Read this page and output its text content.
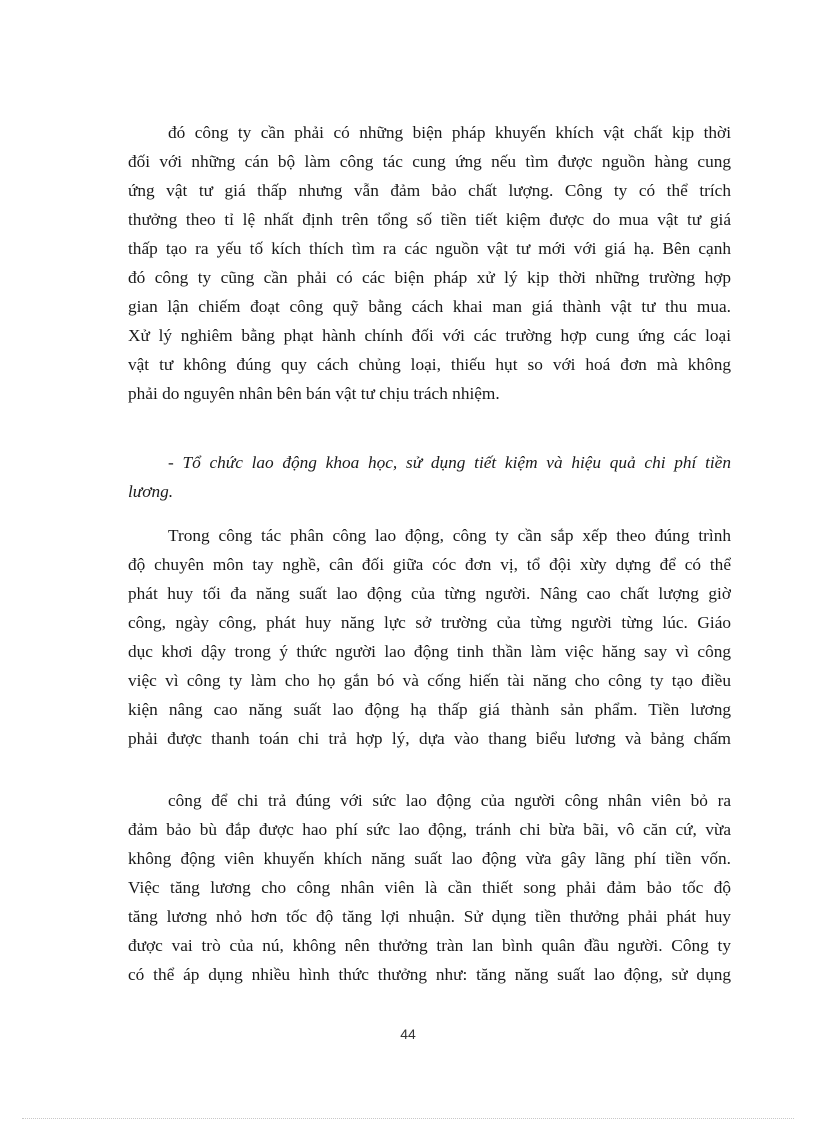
đó công ty cần phải có những biện pháp khuyến khích vật chất kịp thời
đối với những cán bộ làm công tác cung ứng nếu tìm được nguồn hàng cung
ứng vật tư giá thấp nhưng vẫn đảm bảo chất lượng. Công ty có thể trích
thưởng theo tỉ lệ nhất định trên tổng số tiền tiết kiệm được do mua vật tư giá
thấp tạo ra yếu tố kích thích tìm ra các nguồn vật tư mới với giá hạ. Bên cạnh
đó công ty cũng cần phải có các biện pháp xử lý kịp thời những trường hợp
gian lận chiếm đoạt công quỹ bằng cách khai man giá thành vật tư thu mua.
Xử lý nghiêm bằng phạt hành chính đối với các trường hợp cung ứng các loại
vật tư không đúng quy cách chủng loại, thiếu hụt so với hoá đơn mà không
phải do nguyên nhân bên bán vật tư chịu trách nhiệm.
- Tổ chức lao động khoa học, sử dụng tiết kiệm và hiệu quả chi phí tiền
lương.
Trong công tác phân công lao động, công ty cần sắp xếp theo đúng trình
độ chuyên môn tay nghề, cân đối giữa cóc đơn vị, tổ đội xừy dựng để có thể
phát huy tối đa năng suất lao động của từng người. Nâng cao chất lượng giờ
công, ngày công, phát huy năng lực sở trường của từng người từng lúc. Giáo
dục khơi dậy trong ý thức người lao động tinh thần làm việc hăng say vì công
việc vì công ty làm cho họ gắn bó và cống hiến tài năng cho công ty tạo điều
kiện nâng cao năng suất lao động hạ thấp giá thành sản phẩm. Tiền lương
phải được thanh toán chi trả hợp lý, dựa vào thang biểu lương và bảng chấm
công để chi trả đúng với sức lao động của người công nhân viên bỏ ra
đảm bảo bù đắp được hao phí sức lao động, tránh chi bừa bãi, vô căn cứ, vừa
không động viên khuyến khích năng suất lao động vừa gây lãng phí tiền vốn.
Việc tăng lương cho công nhân viên là cần thiết song phải đảm bảo tốc độ
tăng lương nhỏ hơn tốc độ tăng lợi nhuận. Sử dụng tiền thưởng phải phát huy
được vai trò của nú, không nên thưởng tràn lan bình quân đầu người. Công ty
có thể áp dụng nhiều hình thức thưởng như: tăng năng suất lao động, sử dụng
44
